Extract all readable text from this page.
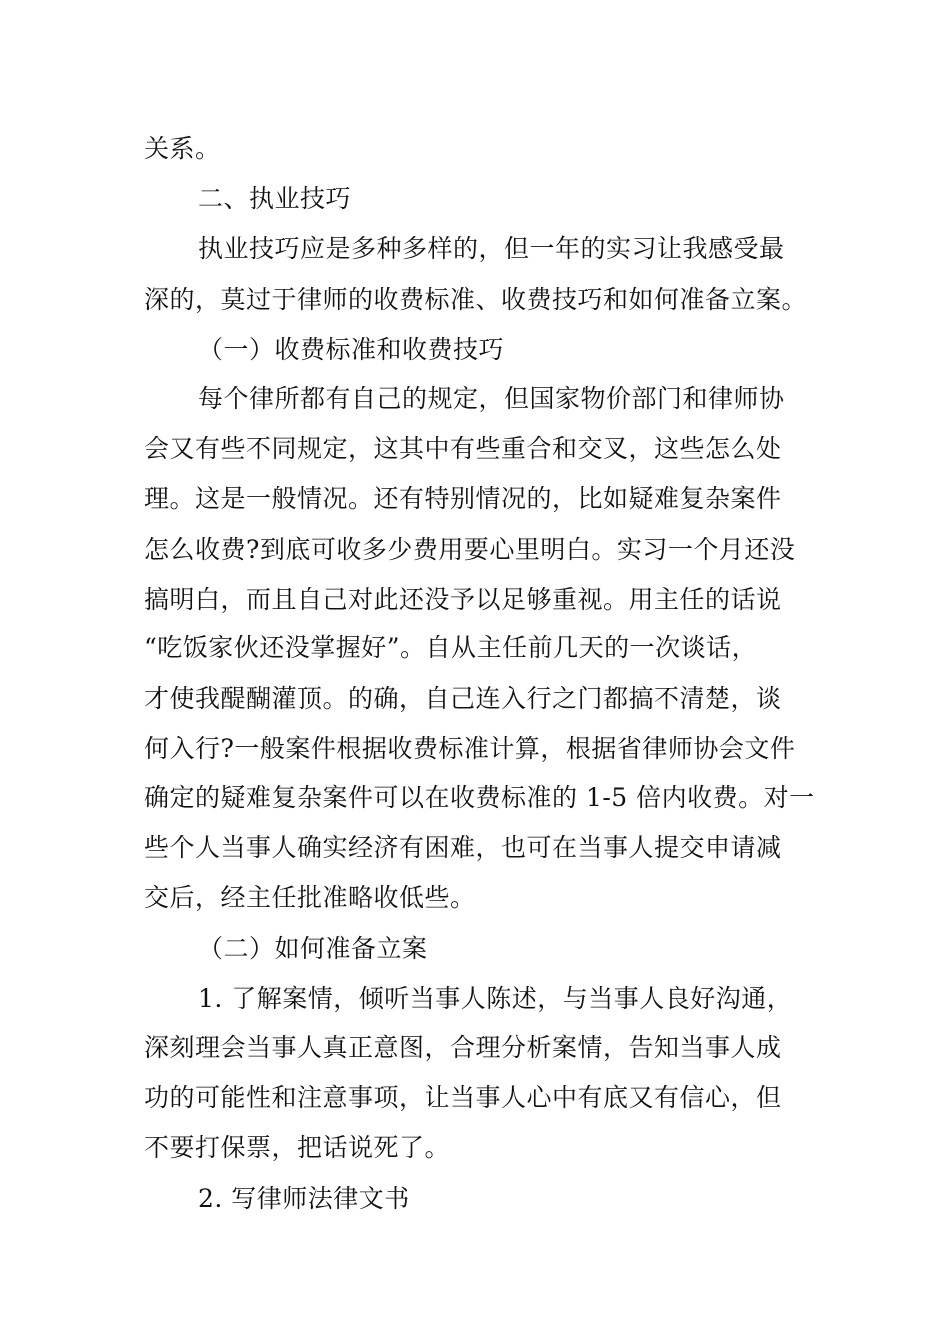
关系。
二、执业技巧
执业技巧应是多种多样的，但一年的实习让我感受最
深的，莫过于律师的收费标准、收费技巧和如何准备立案。
（一）收费标准和收费技巧
每个律所都有自己的规定，但国家物价部门和律师协
会又有些不同规定，这其中有些重合和交叉，这些怎么处
理。这是一般情况。还有特别情况的，比如疑难复杂案件
怎么收费?到底可收多少费用要心里明白。实习一个月还没
搞明白，而且自己对此还没予以足够重视。用主任的话说
“吃饭家伙还没掌握好”。自从主任前几天的一次谈话，
才使我醍醐灌顶。的确，自己连入行之门都搞不清楚，谈
何入行?一般案件根据收费标准计算，根据省律师协会文件
确定的疑难复杂案件可以在收费标准的 1-5 倍内收费。对一
些个人当事人确实经济有困难，也可在当事人提交申请减
交后，经主任批准略收低些。
（二）如何准备立案
1. 了解案情，倾听当事人陈述，与当事人良好沟通，
深刻理会当事人真正意图，合理分析案情，告知当事人成
功的可能性和注意事项，让当事人心中有底又有信心，但
不要打保票，把话说死了。
2. 写律师法律文书
